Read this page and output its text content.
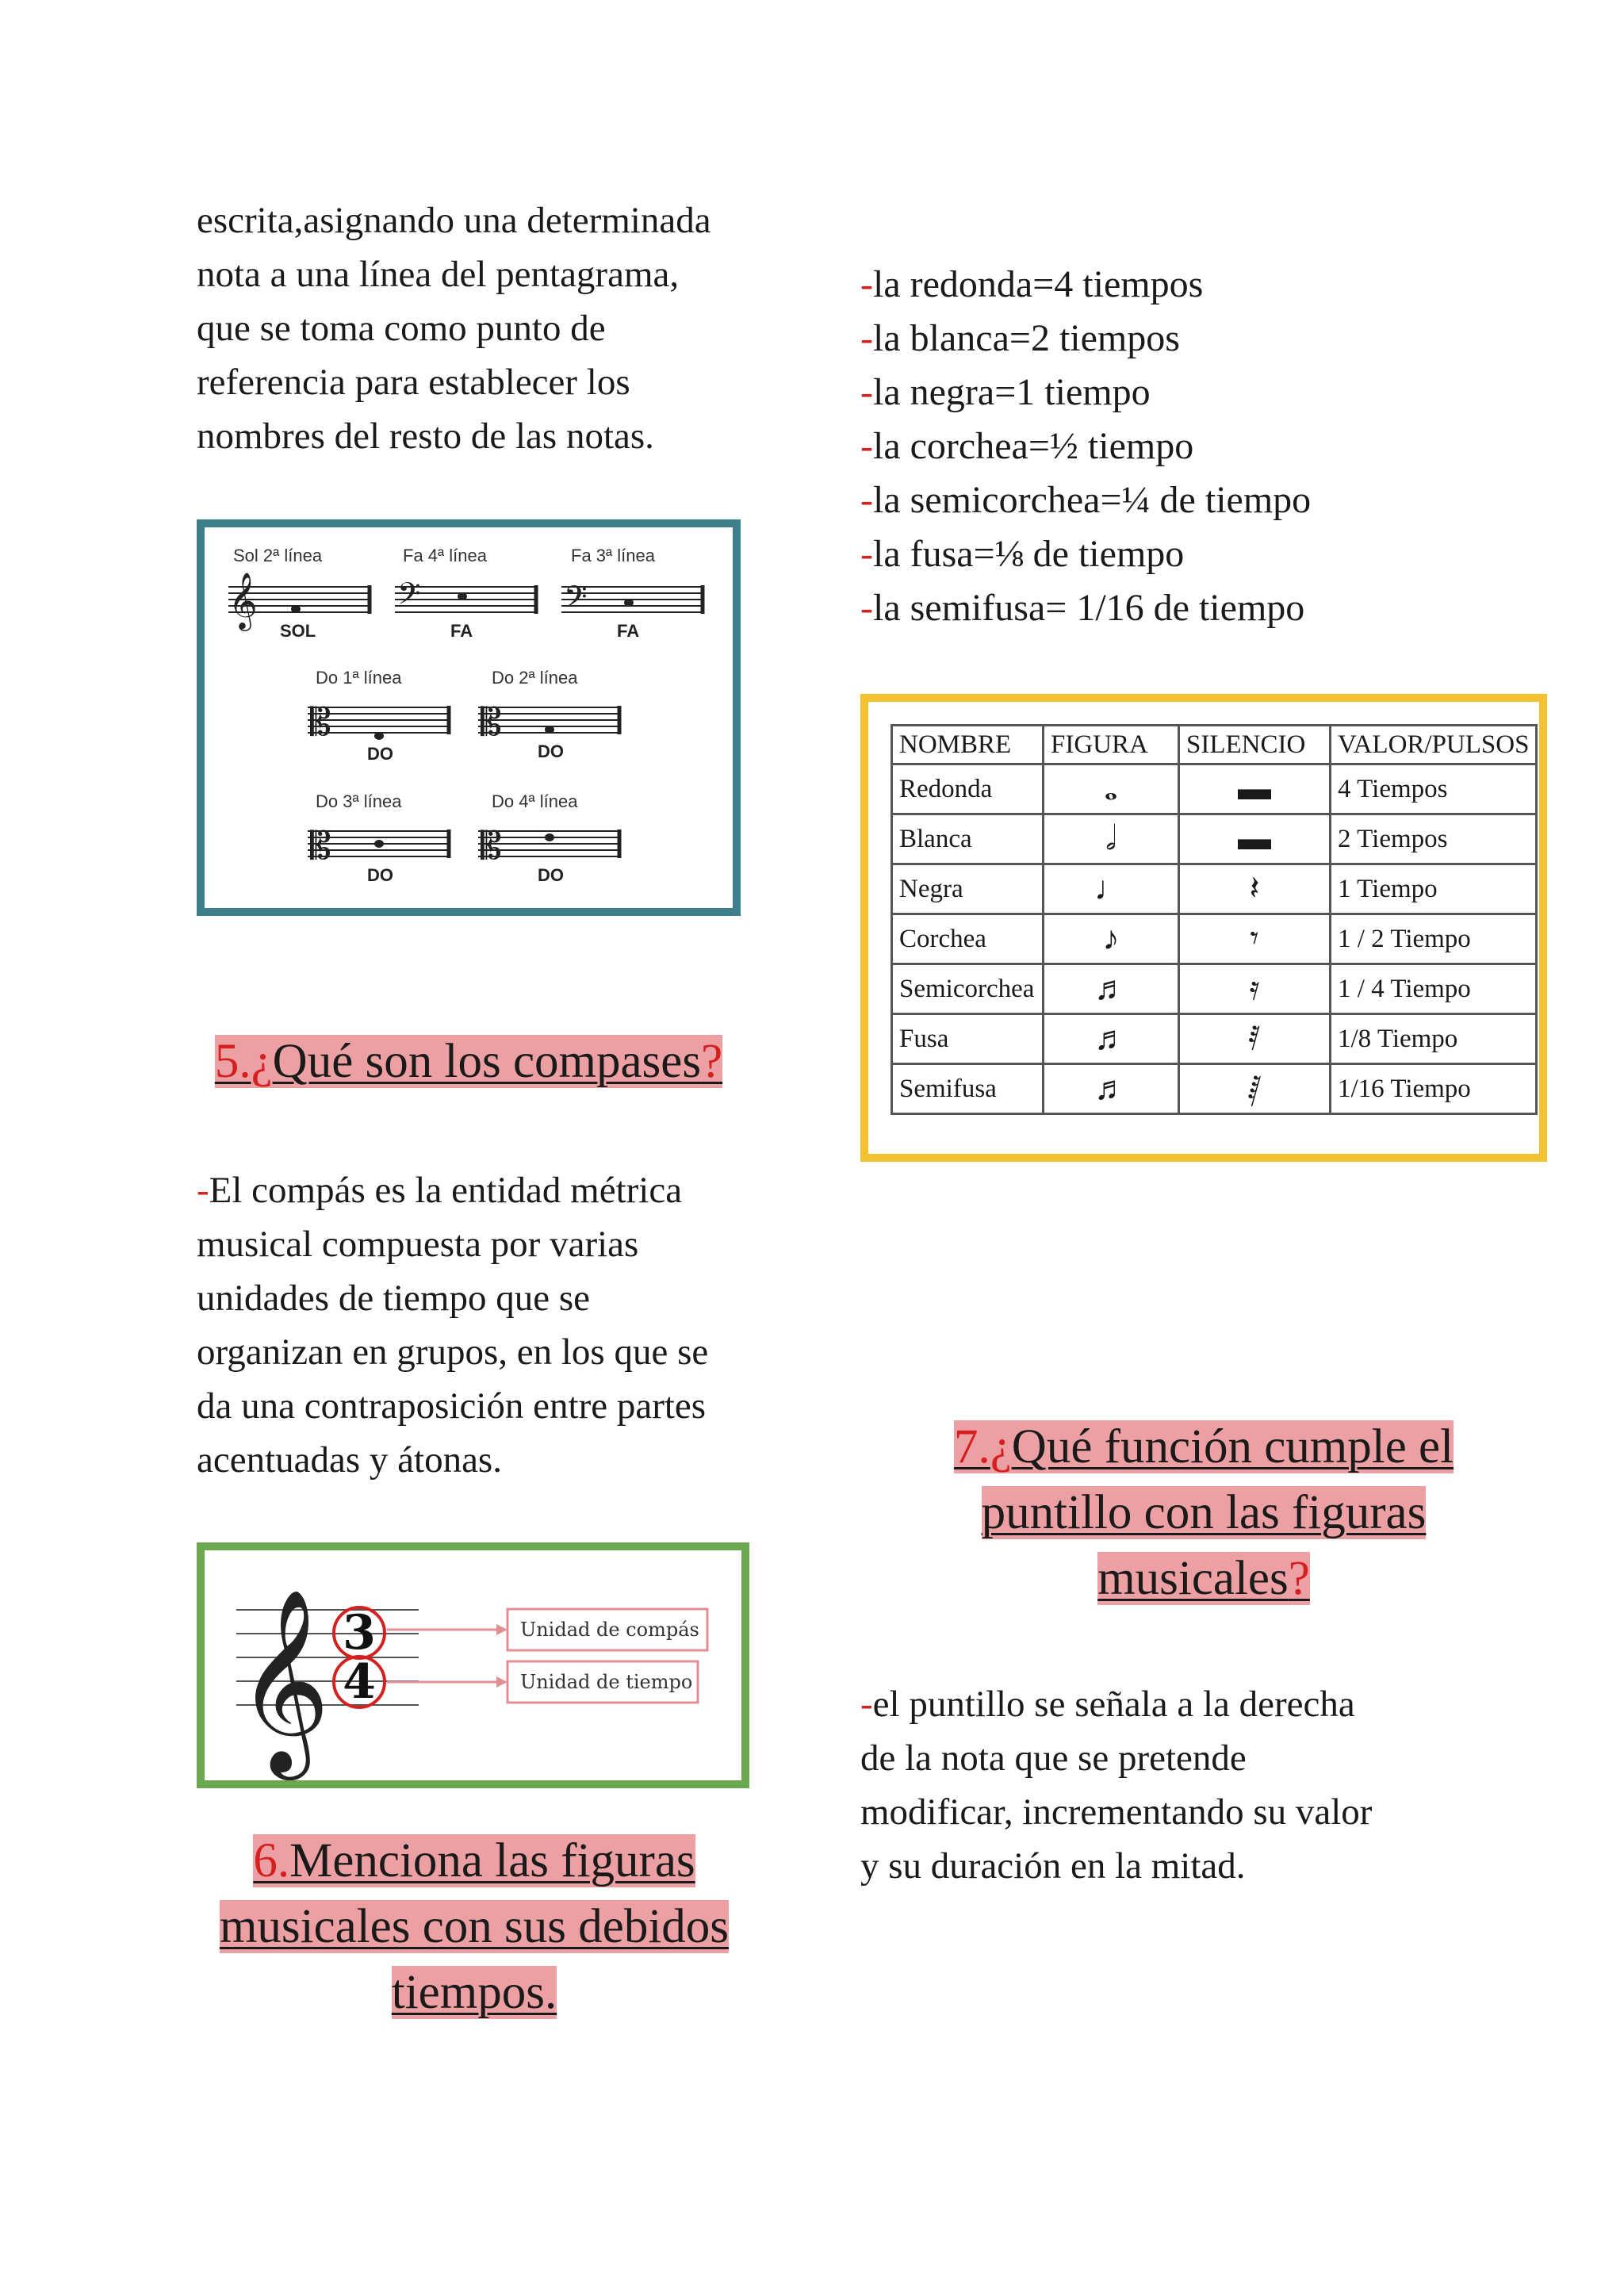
escrita,asignando una determinada
nota a una línea del pentagrama,
que se toma como punto de
referencia para establecer los
nombres del resto de las notas.
Sol 2ª línea	Fa 4ª línea	Fa 3ª línea
𝄞	𝄢	𝄢
SOL	FA	FA
Do 1ª línea	Do 2ª línea
𝄡	𝄡
DO	DO
Do 3ª línea	Do 4ª línea
𝄡	𝄡
DO	DO
5.¿Qué son los compases?
-El compás es la entidad métrica
musical compuesta por varias
unidades de tiempo que se
organizan en grupos, en los que se
da una contraposición entre partes
acentuadas y átonas.
𝄞 3
4
Unidad de compás
Unidad de tiempo
6.Menciona las figuras
musicales con sus debidos
tiempos.
-la redonda=4 tiempos
-la blanca=2 tiempos
-la negra=1 tiempo
-la corchea=½ tiempo
-la semicorchea=¼ de tiempo
-la fusa=⅛ de tiempo
-la semifusa= 1/16 de tiempo
NOMBRE	FIGURA	SILENCIO	VALOR/PULSOS
Redonda	𝅝	▬	4 Tiempos
Blanca	𝅗𝅥	▬	2 Tiempos
Negra	♩	𝄽	1 Tiempo
Corchea	♪	𝄾	1 / 2 Tiempo
Semicorchea	♬	𝄿	1 / 4 Tiempo
Fusa	♬	𝅀	1/8 Tiempo
Semifusa	♬	𝅁	1/16 Tiempo
7.¿Qué función cumple el
puntillo con las figuras
musicales?
-el puntillo se señala a la derecha
de la nota que se pretende
modificar, incrementando su valor
y su duración en la mitad.
